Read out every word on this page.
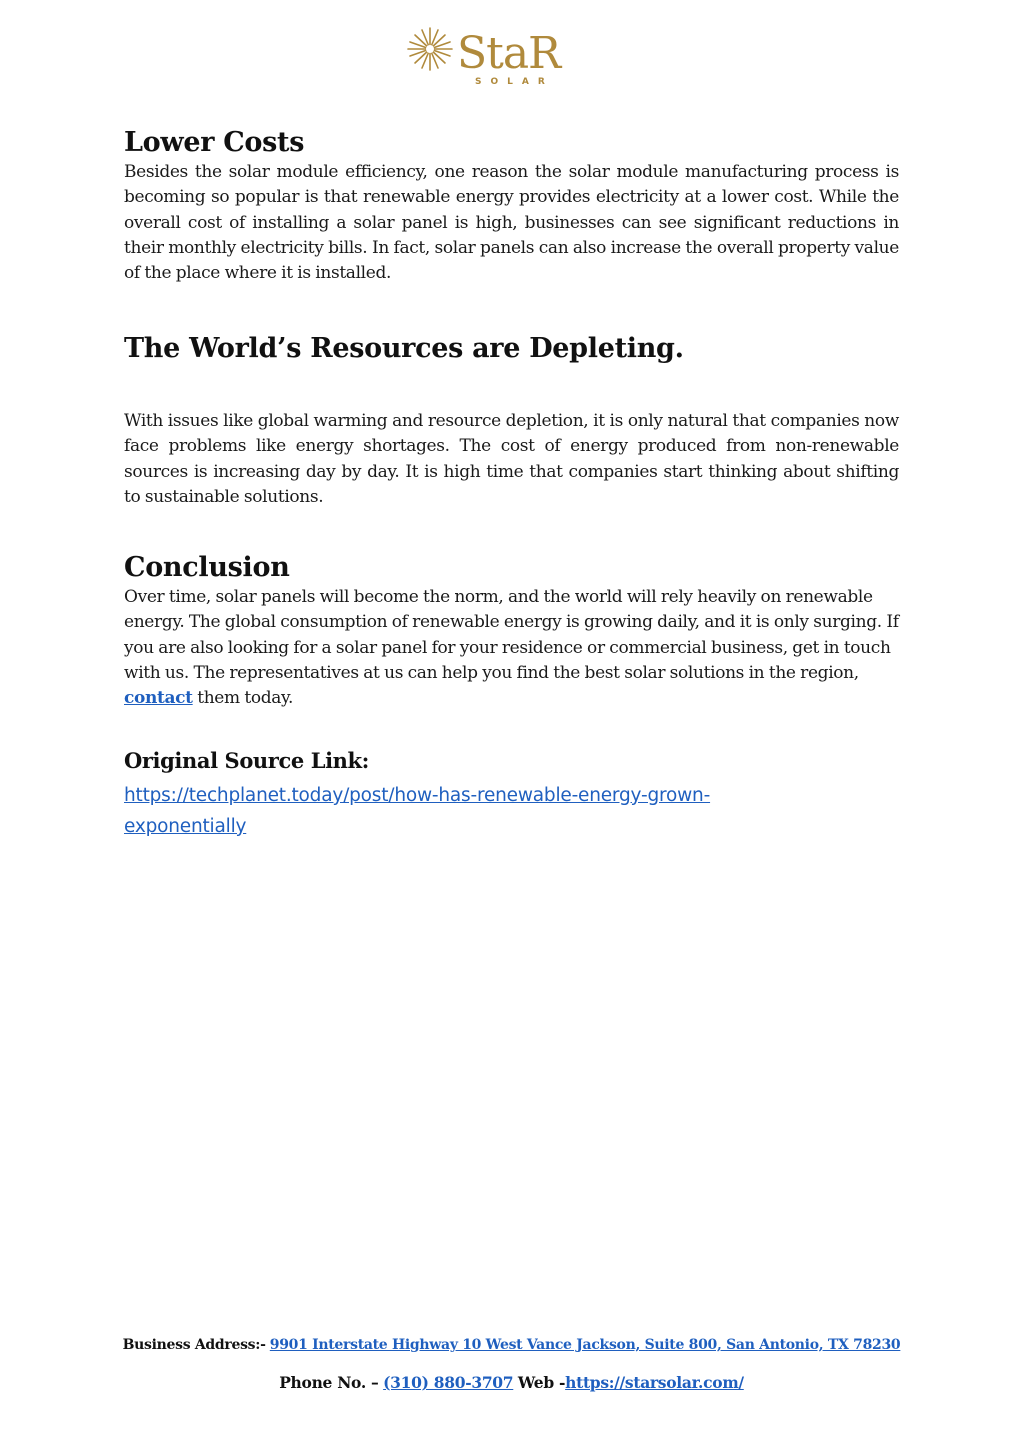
StaR
SOLAR
Lower Costs

Besides the solar module efficiency, one reason the solar module manufacturing process is becoming so popular is that renewable energy provides electricity at a lower cost. While the overall cost of installing a solar panel is high, businesses can see significant reductions in their monthly electricity bills. In fact, solar panels can also increase the overall property value of the place where it is installed.

The World’s Resources are Depleting.

With issues like global warming and resource depletion, it is only natural that companies now face problems like energy shortages. The cost of energy produced from non-renewable sources is increasing day by day. It is high time that companies start thinking about shifting to sustainable solutions.

Conclusion

Over time, solar panels will become the norm, and the world will rely heavily on renewable energy. The global consumption of renewable energy is growing daily, and it is only surging. If you are also looking for a solar panel for your residence or commercial business, get in touch with us. The representatives at us can help you find the best solar solutions in the region, contact them today.

Original Source Link:
https://techplanet.today/post/how-has-renewable-energy-grown-
exponentially
Business Address:- 9901 Interstate Highway 10 West Vance Jackson, Suite 800, San Antonio, TX 78230
Phone No. – (310) 880-3707 Web -https://starsolar.com/
